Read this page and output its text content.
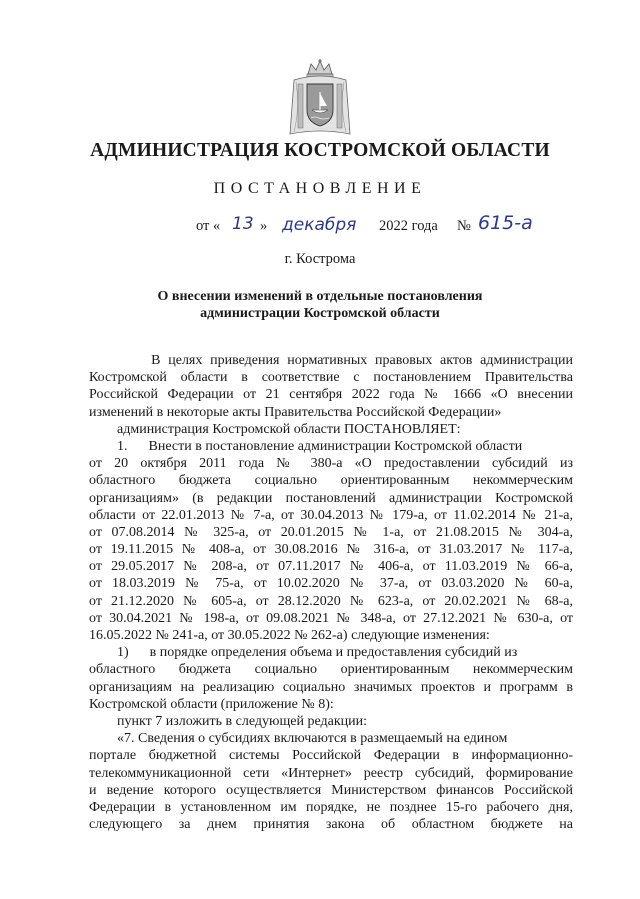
АДМИНИСТРАЦИЯ КОСТРОМСКОЙ ОБЛАСТИ
ПОСТАНОВЛЕНИЕ
от « 13 » декабря 2022 года № 615-а
г. Кострома
О внесении изменений в отдельные постановления
администрации Костромской области
В целях приведения нормативных правовых актов администрации
Костромской области в соответствие с постановлением Правительства
Российской Федерации от 21 сентября 2022 года № 1666 «О внесении
изменений в некоторые акты Правительства Российской Федерации»
администрация Костромской области ПОСТАНОВЛЯЕТ:
1.      Внести в постановление администрации Костромской области
от 20 октября 2011 года № 380-а «О предоставлении субсидий из
областного бюджета социально ориентированным некоммерческим
организациям» (в редакции постановлений администрации Костромской
области от 22.01.2013 № 7-а, от 30.04.2013 № 179-а, от 11.02.2014 № 21-а,
от 07.08.2014 № 325-а, от 20.01.2015 № 1-а, от 21.08.2015 № 304-а,
от 19.11.2015 № 408-а, от 30.08.2016 № 316-а, от 31.03.2017 № 117-а,
от 29.05.2017 № 208-а, от 07.11.2017 № 406-а, от 11.03.2019 № 66-а,
от 18.03.2019 № 75-а, от 10.02.2020 № 37-а, от 03.03.2020 № 60-а,
от 21.12.2020 № 605-а, от 28.12.2020 № 623-а, от 20.02.2021 № 68-а,
от 30.04.2021 № 198-а, от 09.08.2021 № 348-а, от 27.12.2021 № 630-а, от
16.05.2022 № 241-а, от 30.05.2022 № 262-а) следующие изменения:
1)      в порядке определения объема и предоставления субсидий из
областного бюджета социально ориентированным некоммерческим
организациям на реализацию социально значимых проектов и программ в
Костромской области (приложение № 8):
пункт 7 изложить в следующей редакции:
«7. Сведения о субсидиях включаются в размещаемый на едином
портале бюджетной системы Российской Федерации в информационно-
телекоммуникационной сети «Интернет» реестр субсидий, формирование
и ведение которого осуществляется Министерством финансов Российской
Федерации в установленном им порядке, не позднее 15-го рабочего дня,
следующего за днем принятия закона об областном бюджете на
